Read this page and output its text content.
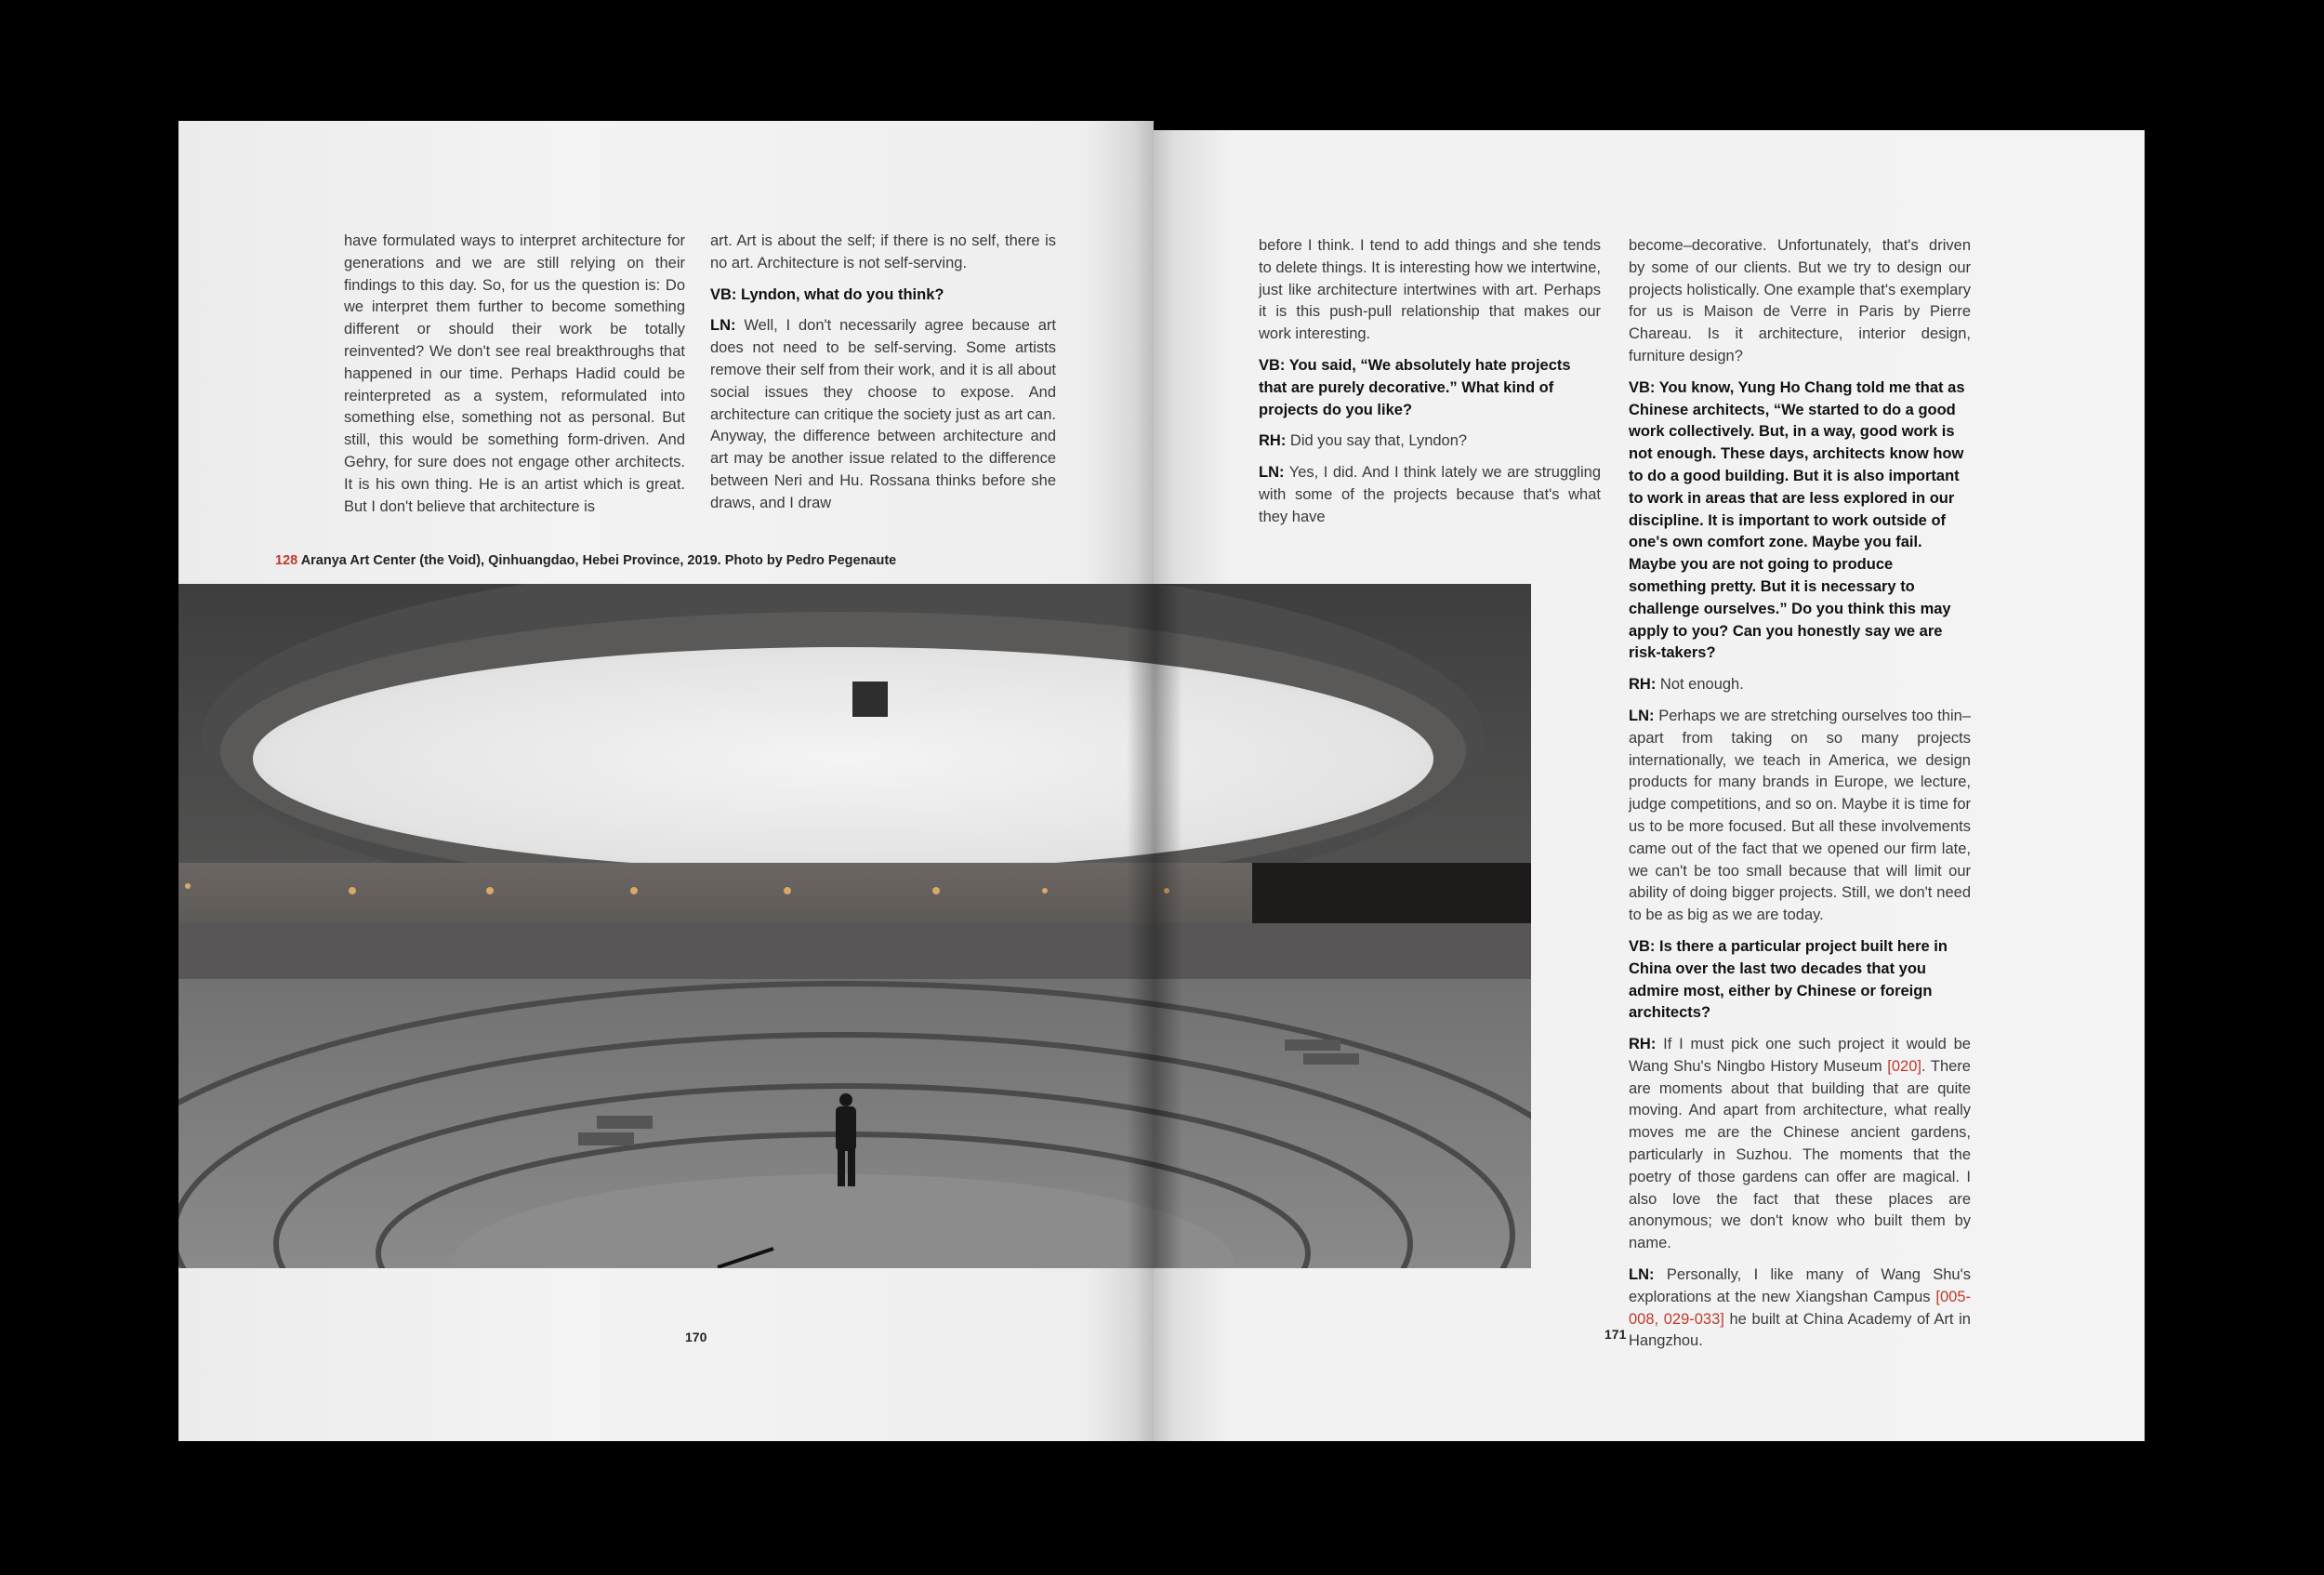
have formulated ways to interpret architecture for generations and we are still relying on their findings to this day. So, for us the question is: Do we interpret them further to become something different or should their work be totally reinvented? We don't see real breakthroughs that happened in our time. Perhaps Hadid could be reinterpreted as a system, reformulated into something else, something not as personal. But still, this would be something form-driven. And Gehry, for sure does not engage other architects. It is his own thing. He is an artist which is great. But I don't believe that architecture is

art. Art is about the self; if there is no self, there is no art. Architecture is not self-serving.

VB: Lyndon, what do you think?

LN: Well, I don't necessarily agree because art does not need to be self-serving. Some artists remove their self from their work, and it is all about social issues they choose to expose. And architecture can critique the society just as art can. Anyway, the difference between architecture and art may be another issue related to the difference between Neri and Hu. Rossana thinks before she draws, and I draw

128 Aranya Art Center (the Void), Qinhuangdao, Hebei Province, 2019. Photo by Pedro Pegenaute
170

before I think. I tend to add things and she tends to delete things. It is interesting how we intertwine, just like architecture intertwines with art. Perhaps it is this push-pull relationship that makes our work interesting.

VB: You said, “We absolutely hate projects that are purely decorative.” What kind of projects do you like?

RH: Did you say that, Lyndon?

LN: Yes, I did. And I think lately we are struggling with some of the projects because that's what they have

become–decorative. Unfortunately, that's driven by some of our clients. But we try to design our projects holistically. One example that's exemplary for us is Maison de Verre in Paris by Pierre Chareau. Is it architecture, interior design, furniture design?

VB: You know, Yung Ho Chang told me that as Chinese architects, “We started to do a good work collectively. But, in a way, good work is not enough. These days, architects know how to do a good building. But it is also important to work in areas that are less explored in our discipline. It is important to work outside of one's own comfort zone. Maybe you fail. Maybe you are not going to produce something pretty. But it is necessary to challenge ourselves.” Do you think this may apply to you? Can you honestly say we are risk-takers?

RH: Not enough.

LN: Perhaps we are stretching ourselves too thin–apart from taking on so many projects internationally, we teach in America, we design products for many brands in Europe, we lecture, judge competitions, and so on. Maybe it is time for us to be more focused. But all these involvements came out of the fact that we opened our firm late, we can't be too small because that will limit our ability of doing bigger projects. Still, we don't need to be as big as we are today.

VB: Is there a particular project built here in China over the last two decades that you admire most, either by Chinese or foreign architects?

RH: If I must pick one such project it would be Wang Shu's Ningbo History Museum [020]. There are moments about that building that are quite moving. And apart from architecture, what really moves me are the Chinese ancient gardens, particularly in Suzhou. The moments that the poetry of those gardens can offer are magical. I also love the fact that these places are anonymous; we don't know who built them by name.

LN: Personally, I like many of Wang Shu's explorations at the new Xiangshan Campus [005-008, 029-033] he built at China Academy of Art in Hangzhou.

171
